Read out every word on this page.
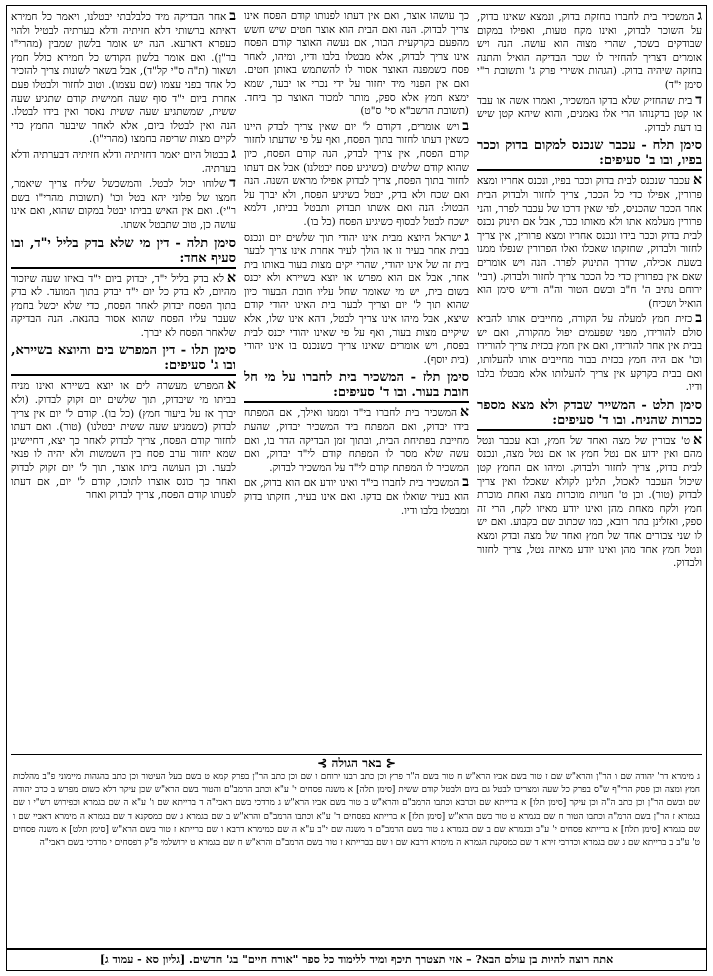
באחר הבדיקה מיד כלבלבתי יבטלנו, ויאמר כל חמירא דאיתא ברשותי דלא חזיתיה ודלא בערתיה לבטיל ולהוי כעפרא דארעא. הנה יש אומר בלשון שמבין (מהרי"ו בר"ן). ואם אומר בלשון הקודש כל חמירא כולל חמץ ושאור (ת"ה ס"י קל"ד), אבל בשאר לשונות צריך להזכיר כל אחד בפני עצמו (שם עצמו). וטוב לחזור ולבטלו פעם אחרת ביום י"ד סוף שעה חמישית קודם שתגיע שעה ששית, שמשתגיע שעה ששית נאסר ואין בידו לבטלו. הנה ואין לבטלו ביום, אלא לאחר שיבער החמץ כדי לקיים מצות שריפה בחמצו (מהרי"ו).
גבבטול היום יאמר דחזיתיה ודלא חזיתיה דבערתיה ודלא בערתיה.
דשלוחו יכול לבטל. והמשכשל שליח צריך שיאמר, חמצו של פלוני יהא בטל וכו' (תשובות מהרי"ו בשם ר"י). ואם אין האיש בביתו יבטל במקום שהוא, ואם אינו עושה כן, טוב שתבטל אשתו.
סימן תלה - דין מי שלא בדק בליל י"ד, ובו סעיף אחד:
אלא בדק בליל י"ד, יבדוק ביום י"ד באיזו שעה שיזכור מהיום, לא בדק כל יום י"ד יבדק בתוך המועד. לא בדק בתוך הפסח יבדוק לאחר הפסח, כדי שלא יכשל בחמץ שעבר עליו הפסח שהוא אסור בהנאה. הנה הבדיקה שלאחר הפסח לא יברך.
סימן תלו - דין המפרש בים והיוצא בשיירא, ובו ג' סעיפים:
אהמפרש מעשרה לים או יוצא בשיירא ואינו מניח בביתו מי שיבדוק, תוך שלשים יום זקוק לבדוק. (ולא יברך אז על ביעור חמץ) (כל בו). קודם ל' יום אין צריך לבדוק (כשמגיע שעה ששית יבטלנו) (טור). ואם דעתו לחזור קודם הפסח, צריך לבדוק לאחר כך יצא, דחיישינן שמא יחזור ערב פסח בין השמשות ולא יהיה לו פנאי לבער. וכן העושה ביתו אוצר, תוך ל' יום זקוק לבדוק ואחר כך כונס אוצרו לתוכו, קודם ל' יום, אם דעתו לפנותו קודם הפסח, צריך לבדוק ואחר
כך עושהו אוצר, ואם אין דעתו לפנותו קודם הפסח אינו צריך לבדוק. הנה ואם הבית הוא אוצר חטים שיש חשש מהפעם בקרקעית הבור, אם נעשה האוצר קודם הפסח אינו צריך לבדוק, אלא מבטלו בלבו ודיו, ומיהו, לאחר פסח כשמפנה האוצר אסור לו להשתמש באותן חטים. ואם אין הפנוי מיד יחזור על ידי נכרי או יבער, שמא ימצא חמץ אלא ספק, מותר למכור האוצר כך ביחד. (תשובת הרשב"א סי' ס"ט)
בויש אומרים, דקודם ל' יום שאין צריך לבדק היינו כשאין דעתו לחזור בתוך הפסח, ואף על פי שדעתו לחזור קודם הפסח, אין צריך לבדק, הנה קודם הפסח, כיון שהוא קודם שלשים (כשיגיע פסח יבטלנו) אבל אם דעתו לחזור בתוך הפסח, צריך לבדוק אפילו מראש השנה. הנה ואם שכח ולא בדק, יבטל כשיגיע הפסח, ולא יברך על הבטול: הנה ואם אשתו תבדוק ותבטל בביתו, דלמא ישכח לבטל לבסוף כשיגיע הפסח (כל בו).
גישראל היוצא מבית אינו יהודי תוך שלשים יום ונכנס בבית אחר בעיר זו או הולך לעיר אחרת אינו צריך לבער בית זה של אינו יהודי, שהרי יקים מצות בעור באותו בית אחר, אבל אם הוא מפרש או יוצא בשיירא ולא יכנס בשום בית, יש מי שאומר שחל עליו חובת הבעור כיון שהוא תוך ל' יום וצריך לבער בית האינו יהודי קודם שיצא, אבל מיהו אינו צריך לבטל, דהא אינו שלו, אלא שיקיים מצות בעור, ואף על פי שאינו יהודי יכנס לבית בפסח, ויש אומרים שאינו צריך כשנכנס בו אינו יהודי (בית יוסף).
סימן תלז - המשכיר בית לחברו על מי חל חובת בעור. ובו ד' סעיפים:
אהמשכיר בית לחברו בי"ד וממנו ואילך, אם המפתח בידו יבדוק, ואם המפתח ביד המשכיר יבדוק, שהעת מחייבת בפתיחת הבית, ובתוך זמן הבדיקה הדר בו, ואם עשה שלא מסר לו המפתח קודם לי"ד יבדוק, ואם המשכיר לו המפתח קודם לי"ד על המשכיר לבדוק.
בהמשכיר בית לחברו בי"ד ואינו יודע אם הוא בדוק, אם הוא בעיר שואלו אם בדקו. ואם אינו בעיר, חזקתו בדוק ומבטלו בלבו ודיו.
גהמשכיר בית לחברו בחזקת בדוק, ונמצא שאינו בדוק, על השוכר לבדוק, ואינו מקח טעות, ואפילו במקום שבודקים בשכר, שהרי מצוה הוא עושה. הנה ויש אומרים דצריך להחזיר לו שכר הבדיקה הואיל והתנה בחזקה שיהיה בדוק. (הגהות אשירי פרק ג' ותשובת ר"י סימן י"ד)
דבית שהחזיק שלא בדקו המשכיר, ואמרו אשה או עבד או קטן בדקנוהו הרי אלו נאמנים, והוא שיהא קטן שיש בו דעת לבדוק.
סימן תלח - עכבר שנכנס למקום בדוק וככר בפיו, ובו ב' סעיפים:
אעכבר שנכנס לבית בדוק וככר בפיו, ונכנס אחריו ומצא פרורין, אפילו כדי כל הככר, צריך לחזור ולבדוק הבית אחר הככר שהכניס, לפי שאין דרכו של עכבר לפרר, והני פרורין מעלמא אתו ולא מאותו ככר, אבל אם תינוק נכנס לבית בדוק וככר בידו ונכנס אחריו ומצא פרורין, אין צריך לחזור ולבדוק, שחזקתו שאכלו ואלו הפרורין שנפלו ממנו בשעת אכילה, שדרך התינוק לפרר. הנה ויש אומרים שאם אין בפרורין כדי כל הככר צריך לחזור ולבדוק. (רבי' ירוחם נתיב ה' ח"ב ובשם הטור וה"ה וריש סימן הוא הואיל ושכיח)
בכזית חמץ למעלה על הקורה, מחייבים אותו להביא סולם להורידו, מפני שפעמים יפול מהקורה, ואם יש בבית אין אחר להורידו, ואם אין חמץ בכזית צריך להורידו וכו' אם היה חמץ בכזית בבור מחייבים אותו להעלותו, ואם בבית בקרקע אין צריך להעלותו אלא מבטלו בלבו ודיו.
סימן תלט - המשייר שבדק ולא מצא מספר ככרות שהניח. ובו ד' סעיפים:
אט' צבורין של מצה ואחד של חמץ, ובא עכבר ונטל מהם ואין ידוע אם נטל חמץ או אם נטל מצה, ונכנס לבית בדוק, צריך לחזור ולבדוק. ומיהו אם החמץ קטן שיכול העכבר לאכול, תלינן לקולא שאכלו ואין צריך לבדוק (טור). וכן ט' חנויות מוכרות מצה ואחת מוכרת חמץ ולקח מאחת מהן ואינו יודע מאיזו לקח, הרי זה ספק, ואזלינן בתר רובא, כמו שכתוב שם בקבוע. ואם יש לו שני צבורים אחד של חמץ ואחד של מצה ובדק ומצא ונטל חמץ אחד מהן ואינו יודע מאיזה נטל, צריך לחזור ולבדוק.
⊰ באר הגולה ⊱
ג מימרא דר' יהודה שם ו הר"ן והרא"ש שם ז טור בשם אביו הרא"ש ח טור בשם ה"ר פרץ וכן כתב רבנו ירוחם ו שם וכן כתב הר"ן בפרק קמא ט בשם בעל העיטור וכן כתב בהגהות מיימוני פ"ב מהלכות חמץ ומצה וכן פסק הרי"ף ש"ס בפרק כל שעה ומצריכו לבטל גם ביום ולבטל קודם ששית [סימן תלה] א משנה פסחים י' ע"א וכתב הרמב"ם והטור בשם הרא"ש שכן עיקר דלא כשום מפרש ב כרב יהודה שם ובשם הר"ן וכן כתב ה"ה וכן עיקר [סימן תלו] א ברייתא שם וכרבא וכתבו הרמב"ם והרא"ש ב טור בשם אביו הרא"ש ג מרדכי בשם ראבי"ה ד ברייתא שם ו' ע"א ה שם בגמרא וכפירוש רש"י ו שם בגמרא ז הר"ן בשם הרמ"ה וכתבו הטור ח שם בגמרא ט טור בשם הרא"ש [סימן תלז] א ברייתא בפסחים ד' ע"א וכתבו הרמב"ם והרא"ש ב שם בגמרא ג שם כמסקנא ד שם בגמרא ה מימרא דאביי שם ו שם בגמרא [סימן תלח] א ברייתא פסחים י' ע"ב ובגמרא שם ב שם בגמרא ג טור בשם הרמב"ם ד משנה שם י"ב ע"א ה שם כמימרא דרבא ו שם ברייתא ז טור בשם הרא"ש [סימן תלט] א משנה פסחים ט' ע"ב ב ברייתא שם ג שם בגמרא וכדרבי זירא ד שם כמסקנת הגמרא ה מימרא דרבא שם ו שם בברייתא ז טור בשם הרמב"ם והרא"ש ח שם בגמרא ט ירושלמי פ"ק דפסחים י מרדכי בשם ראבי"ה
אתה רוצה להיות בן עולם הבא? – אזי תצטרך תיכף ומיד ללימוד כל ספר "אורח חיים" בג' חדשים. [גליון סא - עמוד ג]
